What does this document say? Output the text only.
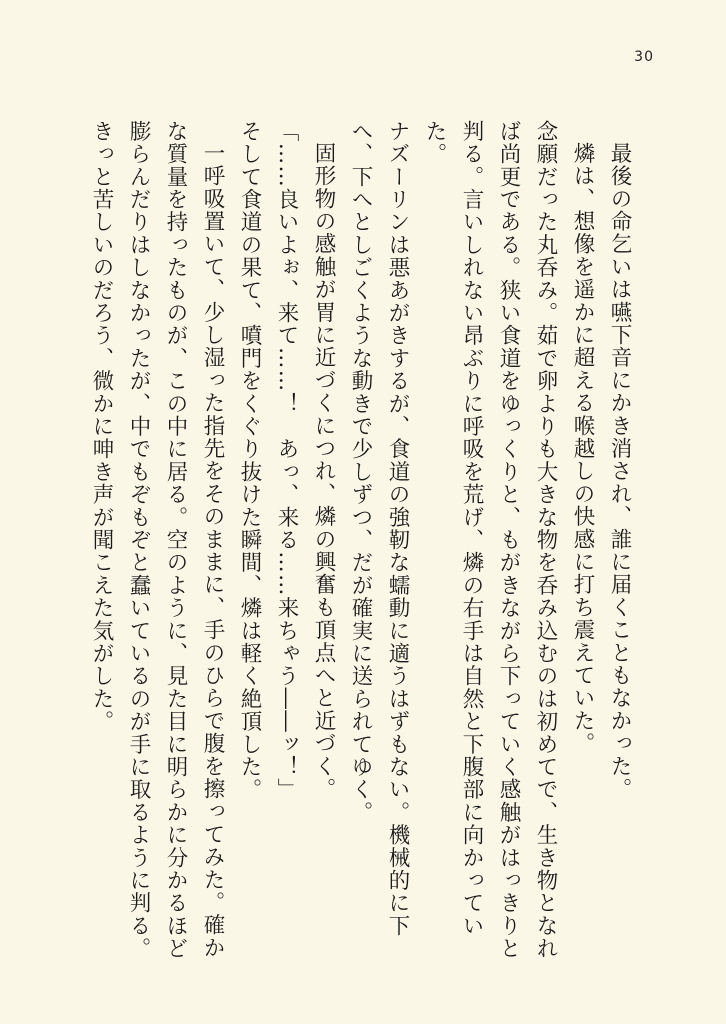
30

最後の命乞いは嚥下音にかき消され、誰に届くこともなかった。

燐は、想像を遥かに超える喉越しの快感に打ち震えていた。

念願だった丸呑み。茹で卵よりも大きな物を呑み込むのは初めてで、生き物となれば尚更である。狭い食道をゆっくりと、もがきながら下っていく感触がはっきりと判る。言いしれない昂ぶりに呼吸を荒げ、燐の右手は自然と下腹部に向かっていた。

ナズーリンは悪あがきするが、食道の強靭な蠕動に適うはずもない。機械的に下へ、下へとしごくような動きで少しずつ、だが確実に送られてゆく。

固形物の感触が胃に近づくにつれ、燐の興奮も頂点へと近づく。

「……良いよぉ、来て……！　あっ、来る……来ちゃう――ッ！」

そして食道の果て、噴門をくぐり抜けた瞬間、燐は軽く絶頂した。

一呼吸置いて、少し湿った指先をそのままに、手のひらで腹を擦ってみた。確かな質量を持ったものが、この中に居る。空のように、見た目に明らかに分かるほど膨らんだりはしなかったが、中でもぞもぞと蠢いているのが手に取るように判る。きっと苦しいのだろう、微かに呻き声が聞こえた気がした。
